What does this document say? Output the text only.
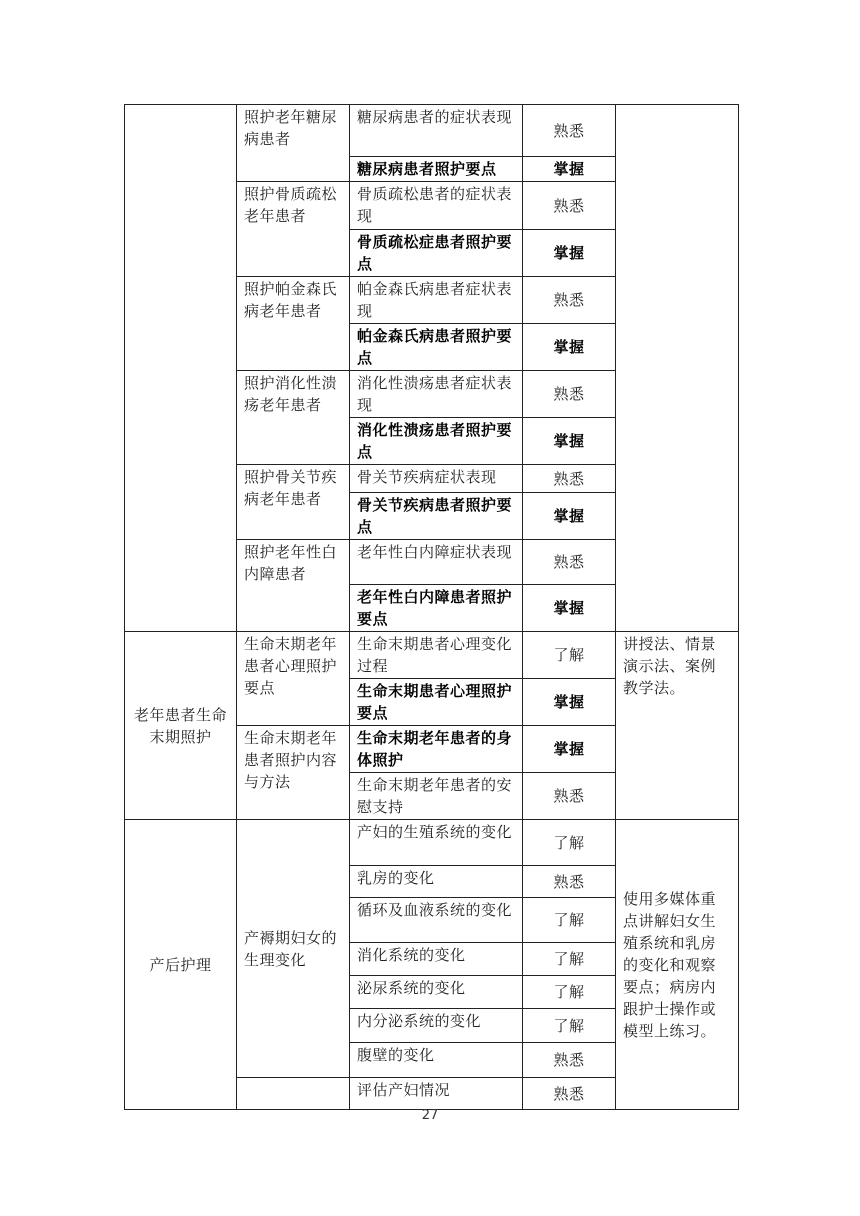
	照护老年糖尿病患者	糖尿病患者的症状表现	熟悉	
		糖尿病患者照护要点	掌握	
	照护骨质疏松老年患者	骨质疏松患者的症状表现	熟悉	
		骨质疏松症患者照护要点	掌握	
	照护帕金森氏病老年患者	帕金森氏病患者症状表现	熟悉	
		帕金森氏病患者照护要点	掌握	
	照护消化性溃疡老年患者	消化性溃疡患者症状表现	熟悉	
		消化性溃疡患者照护要点	掌握	
	照护骨关节疾病老年患者	骨关节疾病症状表现	熟悉	
		骨关节疾病患者照护要点	掌握	
	照护老年性白内障患者	老年性白内障症状表现	熟悉	
		老年性白内障患者照护要点	掌握	
老年患者生命末期照护	生命末期老年患者心理照护要点	生命末期患者心理变化过程	了解	讲授法、情景演示法、案例教学法。
		生命末期患者心理照护要点	掌握	
	生命末期老年患者照护内容与方法	生命末期老年患者的身体照护	掌握	
		生命末期老年患者的安慰支持	熟悉	
产后护理	产褥期妇女的生理变化	产妇的生殖系统的变化	了解	使用多媒体重点讲解妇女生殖系统和乳房的变化和观察要点；病房内跟护士操作或模型上练习。
		乳房的变化	熟悉	
		循环及血液系统的变化	了解	
		消化系统的变化	了解	
		泌尿系统的变化	了解	
		内分泌系统的变化	了解	
		腹壁的变化	熟悉	
		评估产妇情况	熟悉	
27
